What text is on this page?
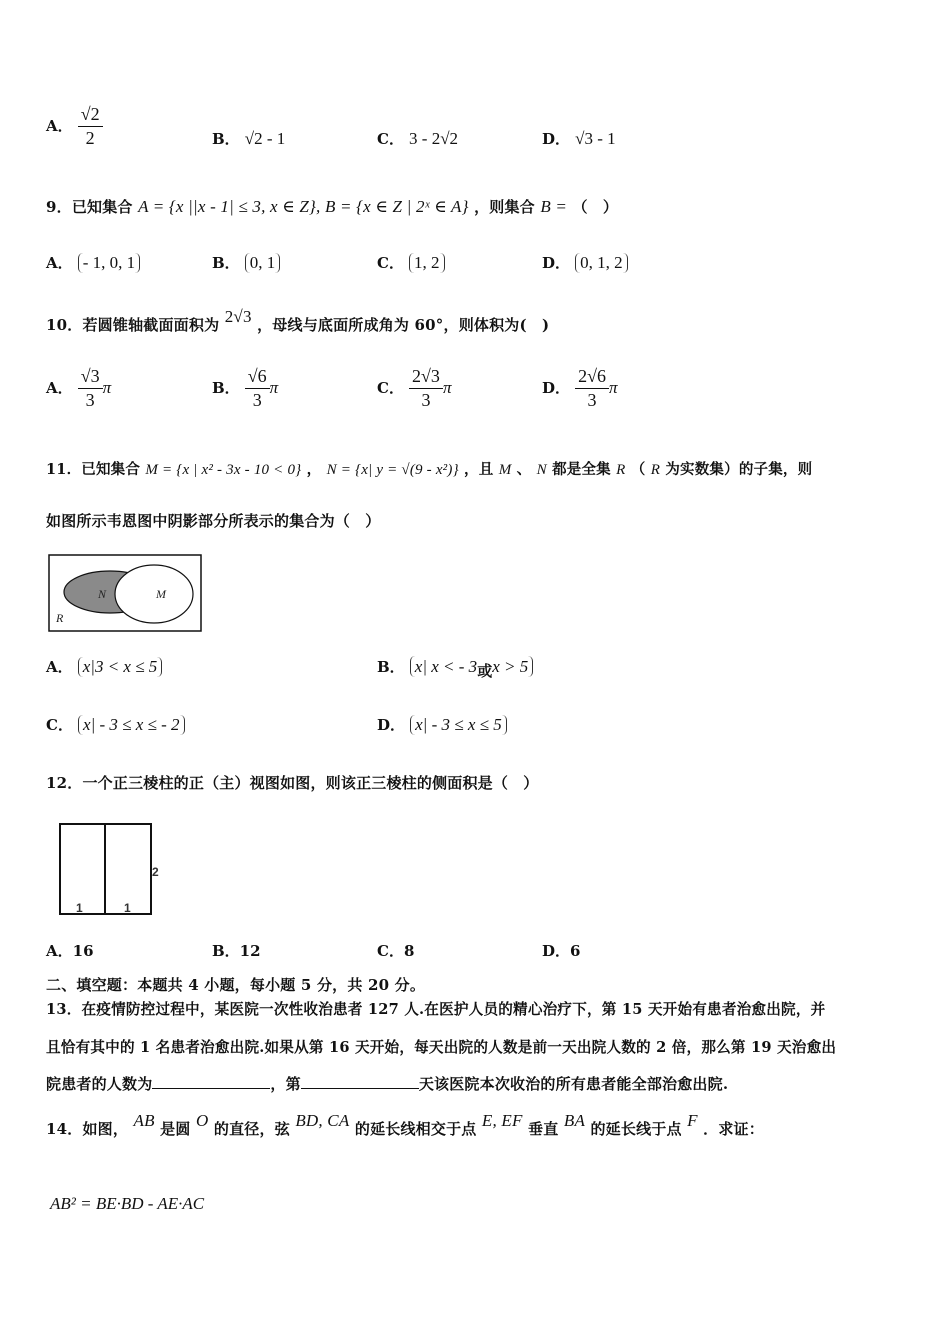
A． $\frac{√2}{2}$	B． √2 - 1	C． 3 - 2√2	D． √3 - 1
9．已知集合 A = {x ||x - 1| ≤ 3, x ∈ Z}, B = {x ∈ Z | 2ˣ ∈ A} ，则集合 B = （　）
A． - 1, 0, 1	B． 0, 1	C． 1, 2	D． 0, 1, 2
10．若圆锥轴截面面积为 2√3 ，母线与底面所成角为 60°，则体积为(　)
A． $\frac{√3}{3}$ π	B． $\frac{√6}{3}$ π	C． $\frac{2√3}{3}$ π	D． $\frac{2√6}{3}$ π
11．已知集合 M = {x | x² - 3x - 10 < 0} ， N = {x| y = √(9 - x²)} ，且 M 、 N 都是全集 R （ R 为实数集）的子集，则
如图所示韦恩图中阴影部分所表示的集合为（　）
N	M
R
A． x|3 < x ≤ 5	B． x| x < - 3或x > 5
C． x| - 3 ≤ x ≤ - 2	D． x| - 3 ≤ x ≤ 5
12．一个正三棱柱的正（主）视图如图，则该正三棱柱的侧面积是（　）
2
1	1
A．16	B．12	C．8	D．6
二、填空题：本题共 4 小题，每小题 5 分，共 20 分。
13．在疫情防控过程中，某医院一次性收治患者 127 人.在医护人员的精心治疗下，第 15 天开始有患者治愈出院，并
且恰有其中的 1 名患者治愈出院.如果从第 16 天开始，每天出院的人数是前一天出院人数的 2 倍，那么第 19 天治愈出
院患者的人数为	，第	天该医院本次收治的所有患者能全部治愈出院.
14．如图， AB 是圆 O 的直径，弦 BD, CA 的延长线相交于点 E, EF 垂直 BA 的延长线于点 F ．求证：
AB² = BE·BD - AE·AC
